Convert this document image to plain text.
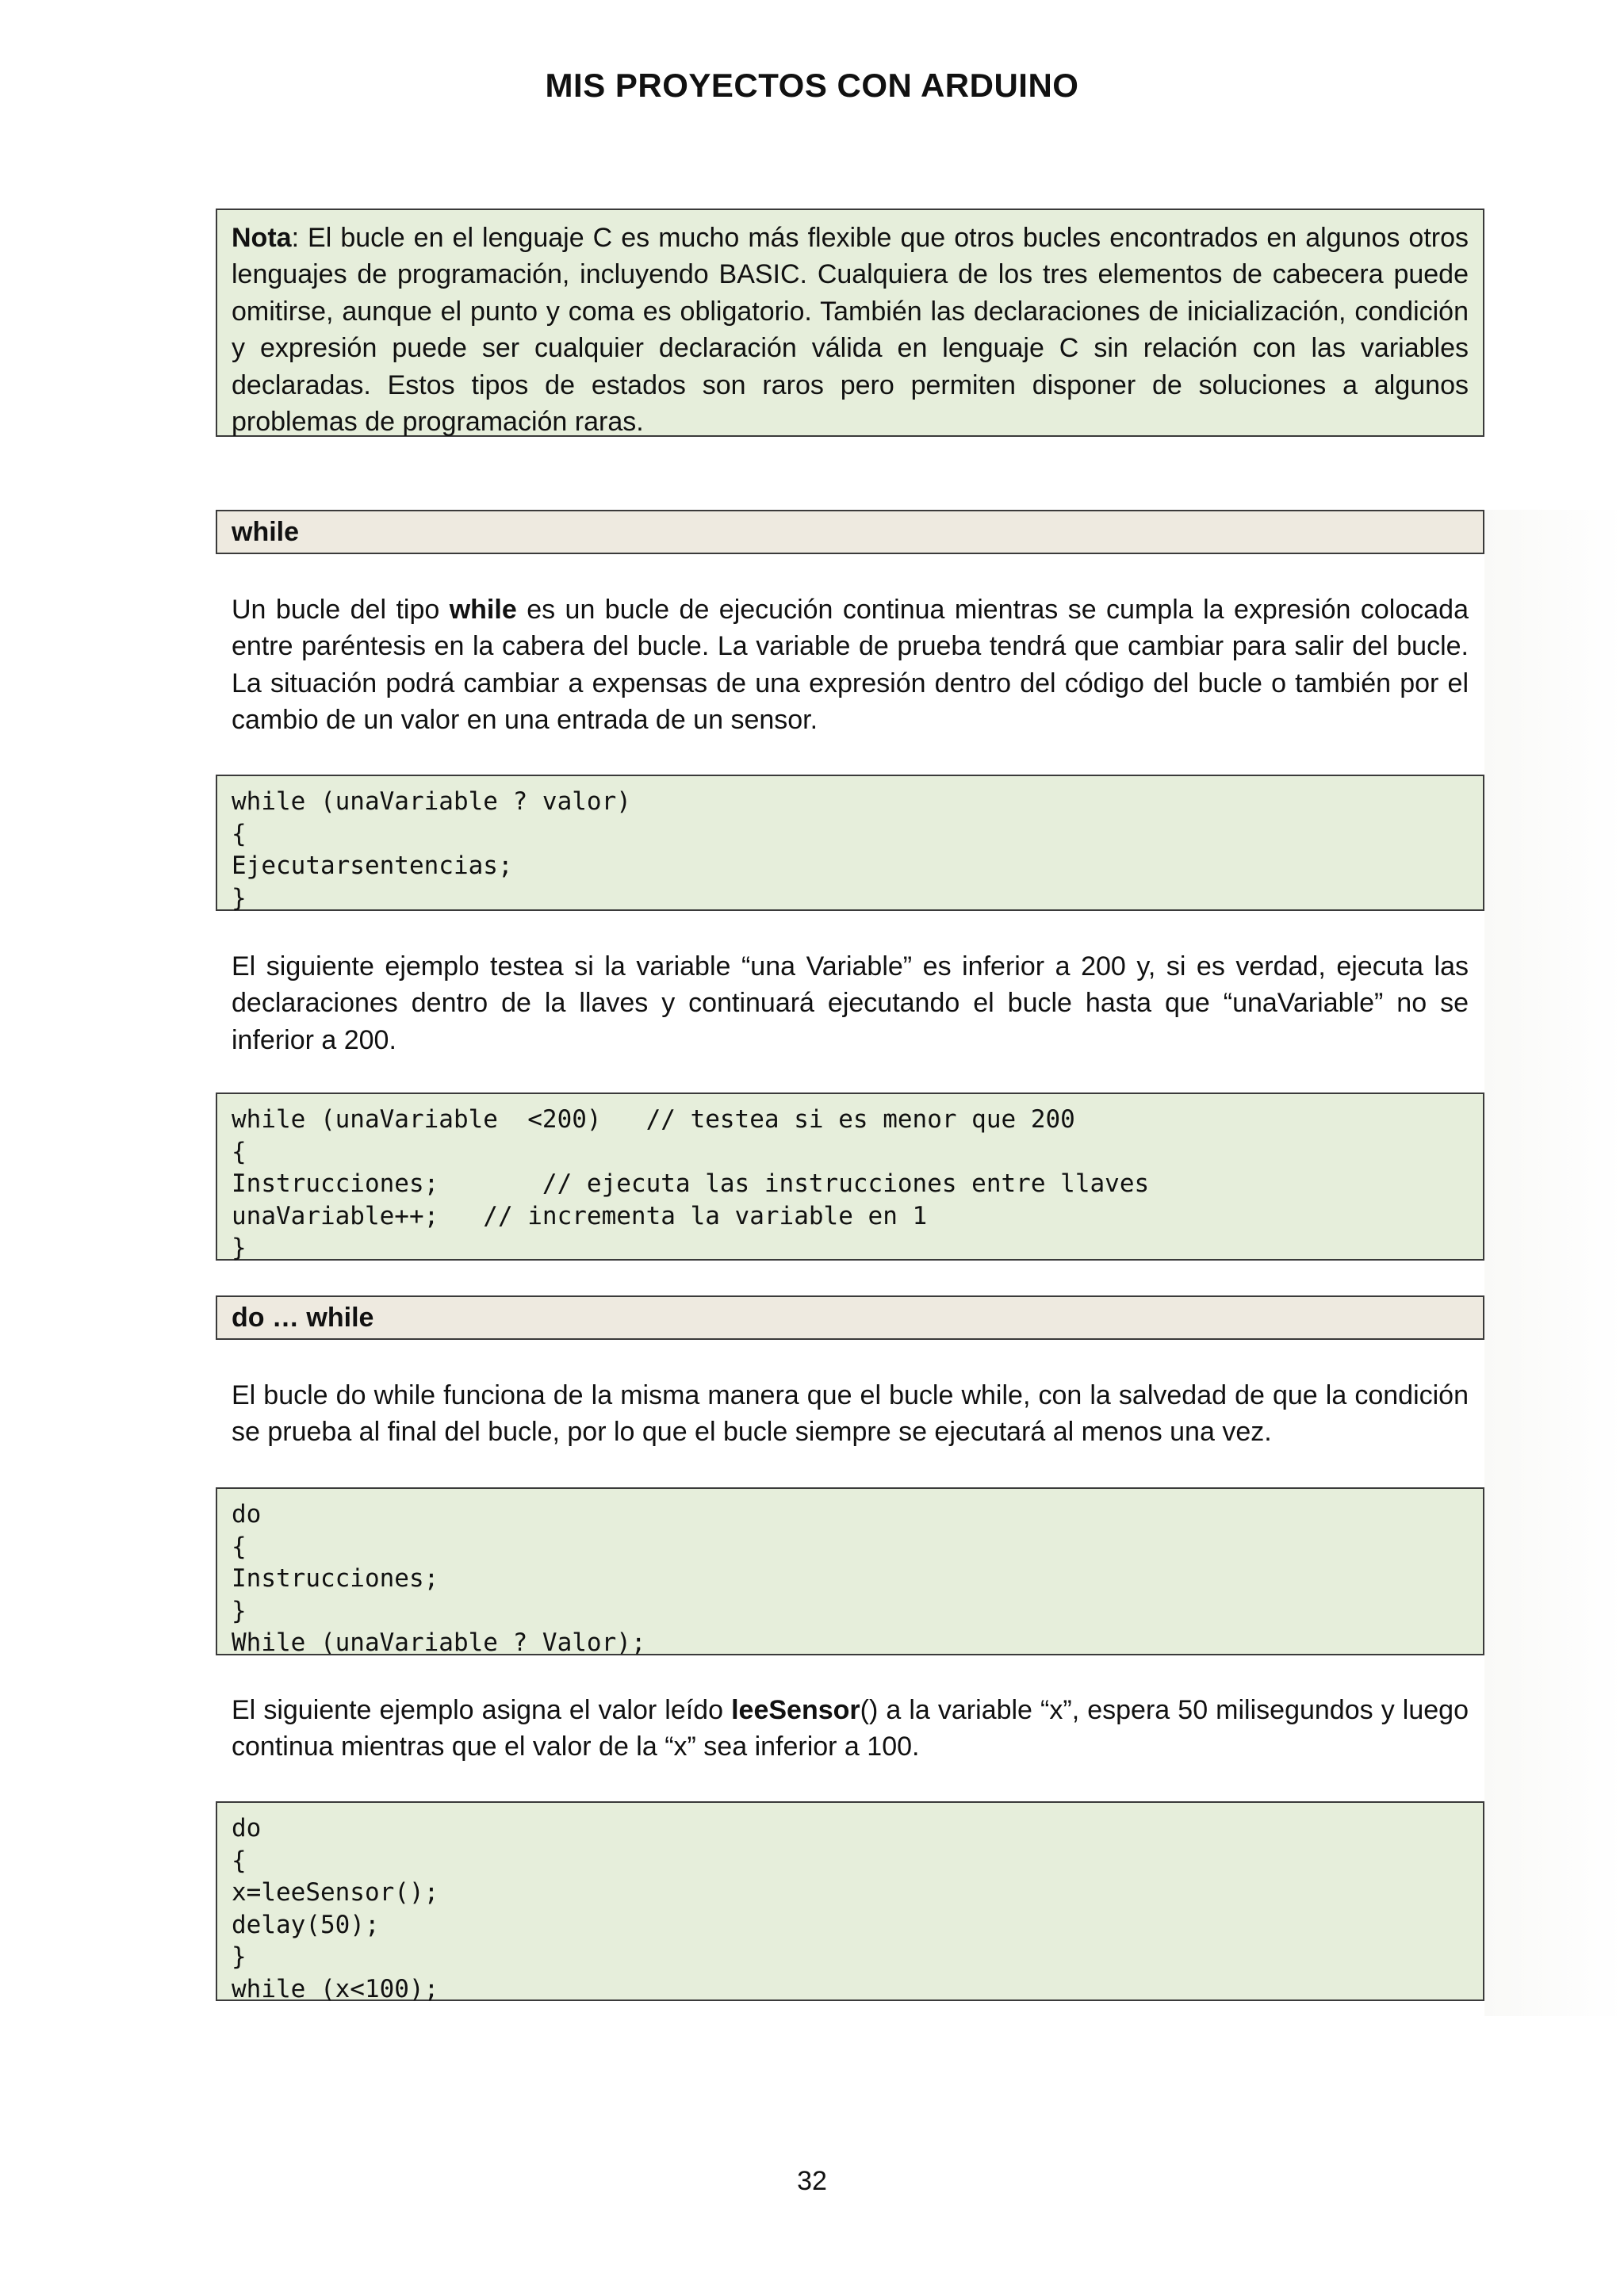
MIS PROYECTOS CON ARDUINO
Nota: El bucle en el lenguaje C es mucho más flexible que otros bucles encontrados en algunos otros lenguajes de programación, incluyendo BASIC. Cualquiera de los tres elementos de cabecera puede omitirse, aunque el punto y coma es obligatorio. También las declaraciones de inicialización, condición y expresión puede ser cualquier declaración válida en lenguaje C sin relación con las variables declaradas. Estos tipos de estados son raros pero permiten disponer de soluciones a algunos problemas de programación raras.
while
Un bucle del tipo while es un bucle de ejecución continua mientras se cumpla la expresión colocada entre paréntesis en la cabera del bucle. La variable de prueba tendrá que cambiar para salir del bucle. La situación podrá cambiar a expensas de una expresión dentro del código del bucle o también por el cambio de un valor en una entrada de un sensor.
while (unaVariable ? valor)
{
Ejecutarsentencias;
}
El siguiente ejemplo testea si la variable “una Variable” es inferior a 200 y, si es verdad, ejecuta las declaraciones dentro de la llaves y continuará ejecutando el bucle hasta que “unaVariable” no se inferior a 200.
while (unaVariable  <200)   // testea si es menor que 200
{
Instrucciones;       // ejecuta las instrucciones entre llaves
unaVariable++;   // incrementa la variable en 1
}
do … while
El bucle do while funciona de la misma manera que el bucle while, con la salvedad de que la condición se prueba al final del bucle, por lo que el bucle siempre se ejecutará al menos una vez.
do
{
Instrucciones;
}
While (unaVariable ? Valor);
El siguiente ejemplo asigna el valor leído leeSensor() a la variable “x”, espera 50 milisegundos y luego continua mientras que el valor de la “x” sea inferior a 100.
do
{
x=leeSensor();
delay(50);
}
while (x<100);
32
